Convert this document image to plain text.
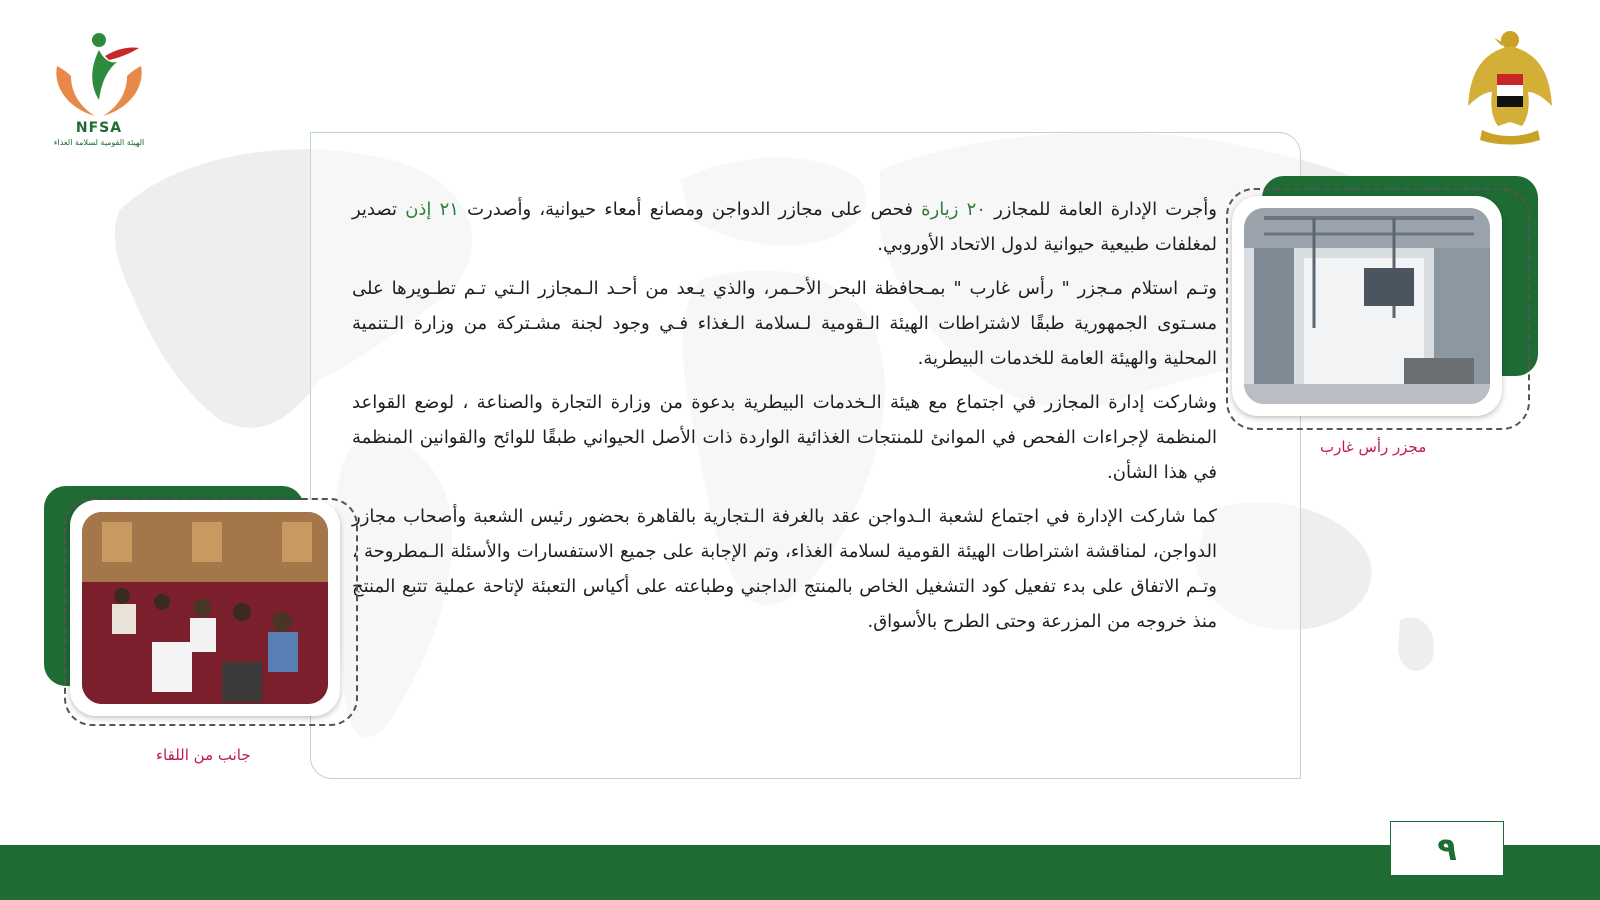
NFSA
الهيئة القومية لسلامة الغذاء

وأجرت الإدارة العامة للمجازر ٢٠ زيارة فحص على مجازر الدواجن ومصانع أمعاء حيوانية، وأصدرت ٢١ إذن تصدير لمغلفات طبيعية حيوانية لدول الاتحاد الأوروبي.

وتـم استلام مـجزر " رأس غارب " بمـحافظة البحر الأحـمر، والذي يـعد من أحـد الـمجازر الـتي تـم تطـويرها على مسـتوى الجمهورية طبقًا لاشتراطات الهيئة الـقومية لـسلامة الـغذاء فـي وجود لجنة مشـتركة من وزارة الـتنمية المحلية والهيئة العامة للخدمات البيطرية.

وشاركت إدارة المجازر في اجتماع مع هيئة الـخدمات البيطرية بدعوة من وزارة التجارة والصناعة ، لوضع القواعد المنظمة لإجراءات الفحص في الموانئ للمنتجات الغذائية الواردة ذات الأصل الحيواني طبقًا للوائح والقوانين المنظمة في هذا الشأن.

كما شاركت الإدارة في اجتماع لشعبة الـدواجن عقد بالغرفة الـتجارية بالقاهرة بحضور رئيس الشعبة وأصحاب مجازر الدواجن، لمناقشة اشتراطات الهيئة القومية لسلامة الغذاء، وتم الإجابة على جميع الاستفسارات والأسئلة الـمطروحة ، وتـم الاتفاق على بدء تفعيل كود التشغيل الخاص بالمنتج الداجني وطباعته على أكياس التعبئة لإتاحة عملية تتبع المنتج منذ خروجه من المزرعة وحتى الطرح بالأسواق.

مجزر رأس غارب
جانب من اللقاء
٩
